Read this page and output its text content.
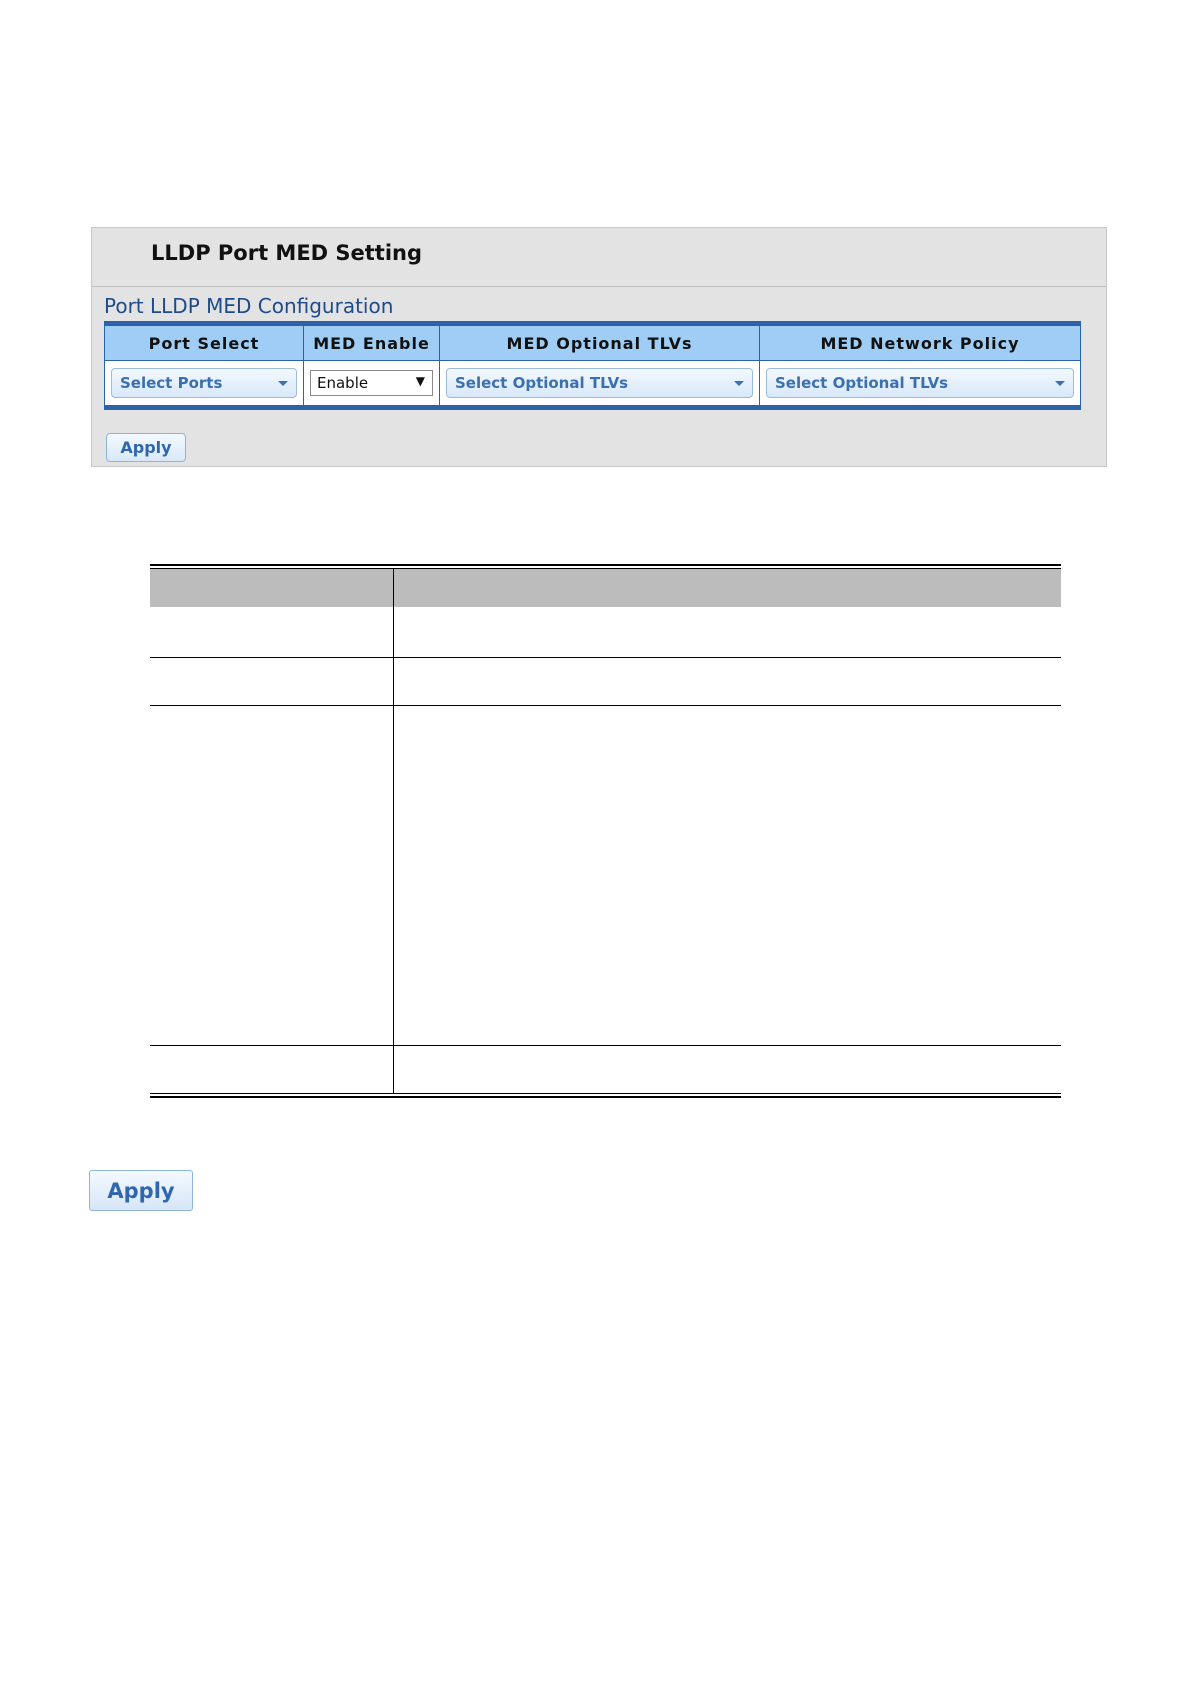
LLDP Port MED Setting
Port LLDP MED Configuration
Port Select	MED Enable	MED Optional TLVs	MED Network Policy
Select Ports	Enable	▼ Select Optional TLVs	Select Optional TLVs
Apply
Apply
